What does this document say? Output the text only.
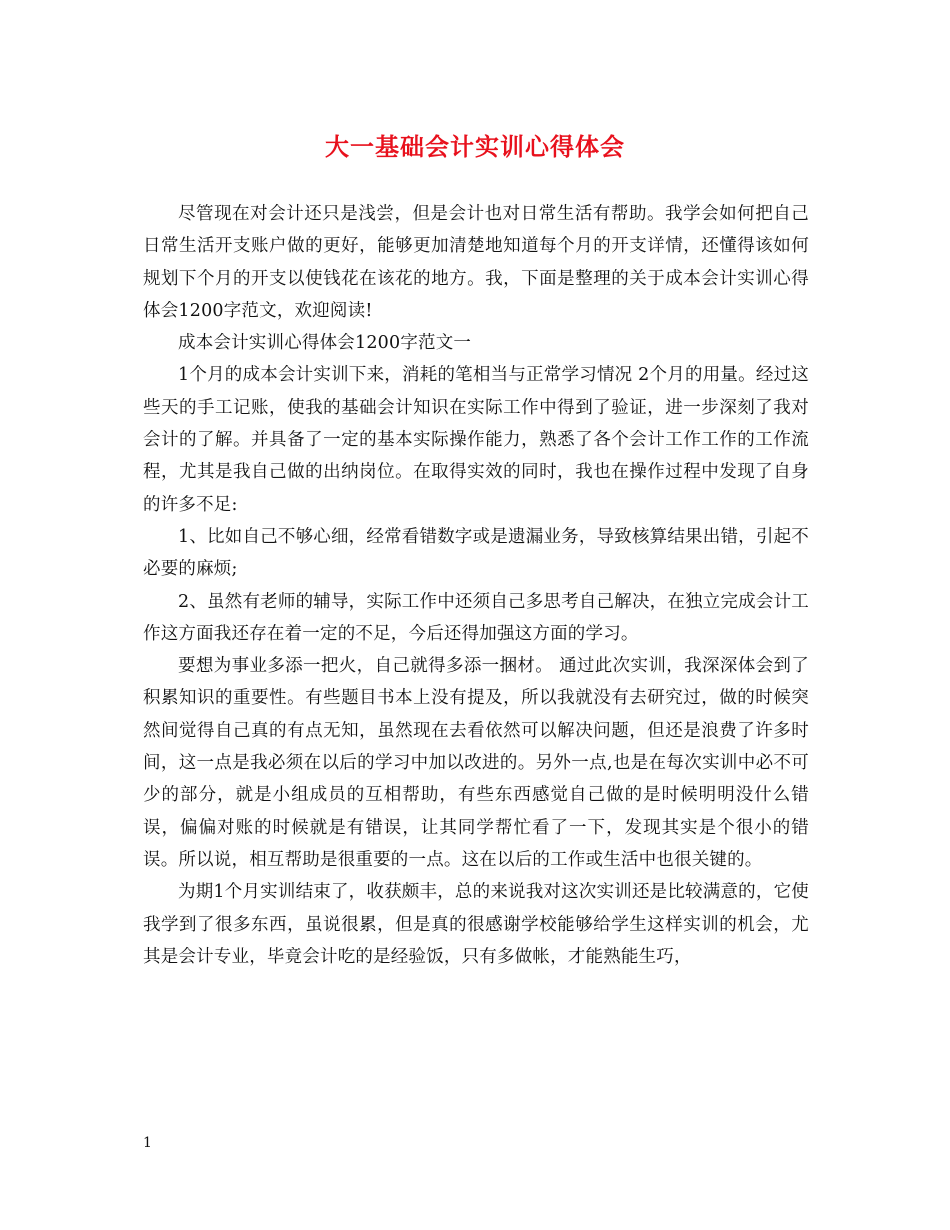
大一基础会计实训心得体会

尽管现在对会计还只是浅尝，但是会计也对日常生活有帮助。我学会如何把自己日常生活开支账户做的更好，能够更加清楚地知道每个月的开支详情，还懂得该如何规划下个月的开支以使钱花在该花的地方。我，下面是整理的关于成本会计实训心得体会1200字范文，欢迎阅读!

成本会计实训心得体会1200字范文一

1个月的成本会计实训下来，消耗的笔相当与正常学习情况 2个月的用量。经过这些天的手工记账，使我的基础会计知识在实际工作中得到了验证，进一步深刻了我对会计的了解。并具备了一定的基本实际操作能力，熟悉了各个会计工作工作的工作流程，尤其是我自己做的出纳岗位。在取得实效的同时，我也在操作过程中发现了自身的许多不足:

1、比如自己不够心细，经常看错数字或是遗漏业务，导致核算结果出错，引起不必要的麻烦;

2、虽然有老师的辅导，实际工作中还须自己多思考自己解决，在独立完成会计工作这方面我还存在着一定的不足，今后还得加强这方面的学习。

要想为事业多添一把火，自己就得多添一捆材。 通过此次实训，我深深体会到了积累知识的重要性。有些题目书本上没有提及，所以我就没有去研究过，做的时候突然间觉得自己真的有点无知，虽然现在去看依然可以解决问题，但还是浪费了许多时间，这一点是我必须在以后的学习中加以改进的。另外一点,也是在每次实训中必不可少的部分，就是小组成员的互相帮助，有些东西感觉自己做的是时候明明没什么错误，偏偏对账的时候就是有错误，让其同学帮忙看了一下，发现其实是个很小的错误。所以说，相互帮助是很重要的一点。这在以后的工作或生活中也很关键的。

为期1个月实训结束了，收获颇丰，总的来说我对这次实训还是比较满意的，它使我学到了很多东西，虽说很累，但是真的很感谢学校能够给学生这样实训的机会，尤其是会计专业，毕竟会计吃的是经验饭，只有多做帐，才能熟能生巧，

1
